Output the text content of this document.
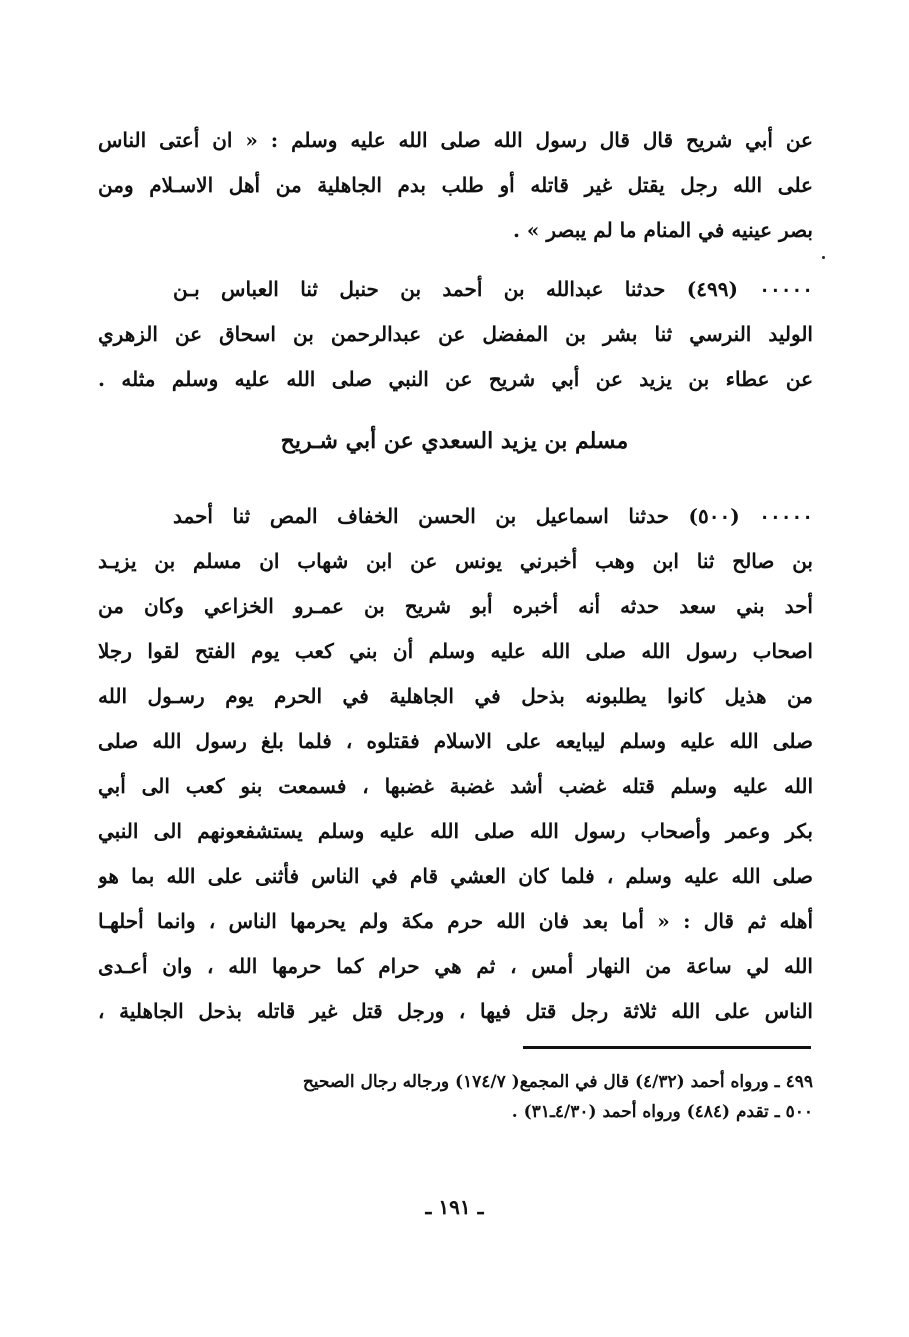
عن أبي شريح قال قال رسول الله صلى الله عليه وسلم : « ان أعتى الناس
على الله رجل يقتل غير قاتله أو طلب بدم الجاهلية من أهل الاسـلام ومن
بصر عينيه في المنام ما لم يبصر » .
٠٠٠٠٠ (٤٩٩) حدثنا عبدالله بن أحمد بن حنبل ثنا العباس بـن
الوليد النرسي ثنا بشر بن المفضل عن عبدالرحمن بن اسحاق عن الزهري
عن عطاء بن يزيد عن أبي شريح عن النبي صلى الله عليه وسلم مثله .
مسلم بن يزيد السعدي عن أبي شـريح
٠٠٠٠٠ (٥٠٠) حدثنا اسماعيل بن الحسن الخفاف المص ثنا أحمد
بن صالح ثنا ابن وهب أخبرني يونس عن ابن شهاب ان مسلم بن يزيـد
أحد بني سعد حدثه أنه أخبره أبو شريح بن عمـرو الخزاعي وكان من
اصحاب رسول الله صلى الله عليه وسلم أن بني كعب يوم الفتح لقوا رجلا
من هذيل كانوا يطلبونه بذحل في الجاهلية في الحرم يوم رسـول الله
صلى الله عليه وسلم ليبايعه على الاسلام فقتلوه ، فلما بلغ رسول الله صلى
الله عليه وسلم قتله غضب أشد غضبة غضبها ، فسمعت بنو كعب الى أبي
بكر وعمر وأصحاب رسول الله صلى الله عليه وسلم يستشفعونهم الى النبي
صلى الله عليه وسلم ، فلما كان العشي قام في الناس فأثنى على الله بما هو
أهله ثم قال : « أما بعد فان الله حرم مكة ولم يحرمها الناس ، وانما أحلهـا
الله لي ساعة من النهار أمس ، ثم هي حرام كما حرمها الله ، وان أعـدى
الناس على الله ثلاثة رجل قتل فيها ، ورجل قتل غير قاتله بذحل الجاهلية ،
٤٩٩ ـ ورواه أحمد (٤/٣٢) قال في المجمع( ١٧٤/٧) ورجاله رجال الصحيح
٥٠٠ ـ تقدم (٤٨٤) ورواه أحمد (٤/٣٠ـ٣١) .
ـ ١٩١ ـ
